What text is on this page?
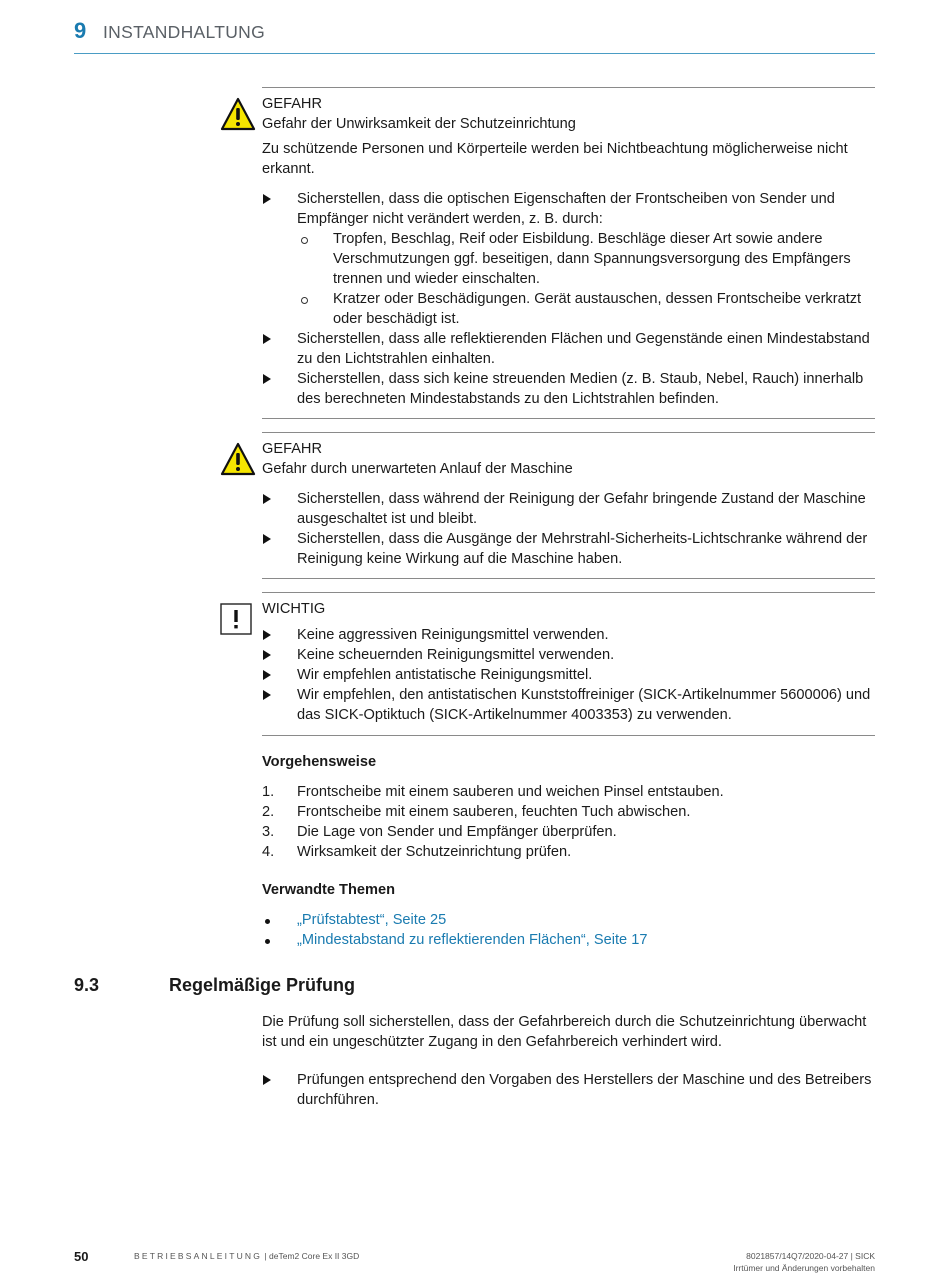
9 INSTANDHALTUNG
GEFAHR
Gefahr der Unwirksamkeit der Schutzeinrichtung
Zu schützende Personen und Körperteile werden bei Nichtbeachtung möglicherweise nicht erkannt.
Sicherstellen, dass die optischen Eigenschaften der Frontscheiben von Sender und Empfänger nicht verändert werden, z. B. durch:
Tropfen, Beschlag, Reif oder Eisbildung. Beschläge dieser Art sowie andere Verschmutzungen ggf. beseitigen, dann Spannungsversorgung des Empfängers trennen und wieder einschalten.
Kratzer oder Beschädigungen. Gerät austauschen, dessen Frontscheibe verkratzt oder beschädigt ist.
Sicherstellen, dass alle reflektierenden Flächen und Gegenstände einen Mindestabstand zu den Lichtstrahlen einhalten.
Sicherstellen, dass sich keine streuenden Medien (z. B. Staub, Nebel, Rauch) innerhalb des berechneten Mindestabstands zu den Lichtstrahlen befinden.
GEFAHR
Gefahr durch unerwarteten Anlauf der Maschine
Sicherstellen, dass während der Reinigung der Gefahr bringende Zustand der Maschine ausgeschaltet ist und bleibt.
Sicherstellen, dass die Ausgänge der Mehrstrahl-Sicherheits-Lichtschranke während der Reinigung keine Wirkung auf die Maschine haben.
WICHTIG
Keine aggressiven Reinigungsmittel verwenden.
Keine scheuernden Reinigungsmittel verwenden.
Wir empfehlen antistatische Reinigungsmittel.
Wir empfehlen, den antistatischen Kunststoffreiniger (SICK-Artikelnummer 5600006) und das SICK-Optiktuch (SICK-Artikelnummer 4003353) zu verwenden.
Vorgehensweise
1. Frontscheibe mit einem sauberen und weichen Pinsel entstauben.
2. Frontscheibe mit einem sauberen, feuchten Tuch abwischen.
3. Die Lage von Sender und Empfänger überprüfen.
4. Wirksamkeit der Schutzeinrichtung prüfen.
Verwandte Themen
„Prüfstabtest“, Seite 25
„Mindestabstand zu reflektierenden Flächen“, Seite 17
9.3	Regelmäßige Prüfung
Die Prüfung soll sicherstellen, dass der Gefahrbereich durch die Schutzeinrichtung überwacht ist und ein ungeschützter Zugang in den Gefahrbereich verhindert wird.
Prüfungen entsprechend den Vorgaben des Herstellers der Maschine und des Betreibers durchführen.
50	BETRIEBSANLEITUNG | deTem2 Core Ex II 3GD	8021857/14Q7/2020-04-27 | SICK
Irrtümer und Änderungen vorbehalten
